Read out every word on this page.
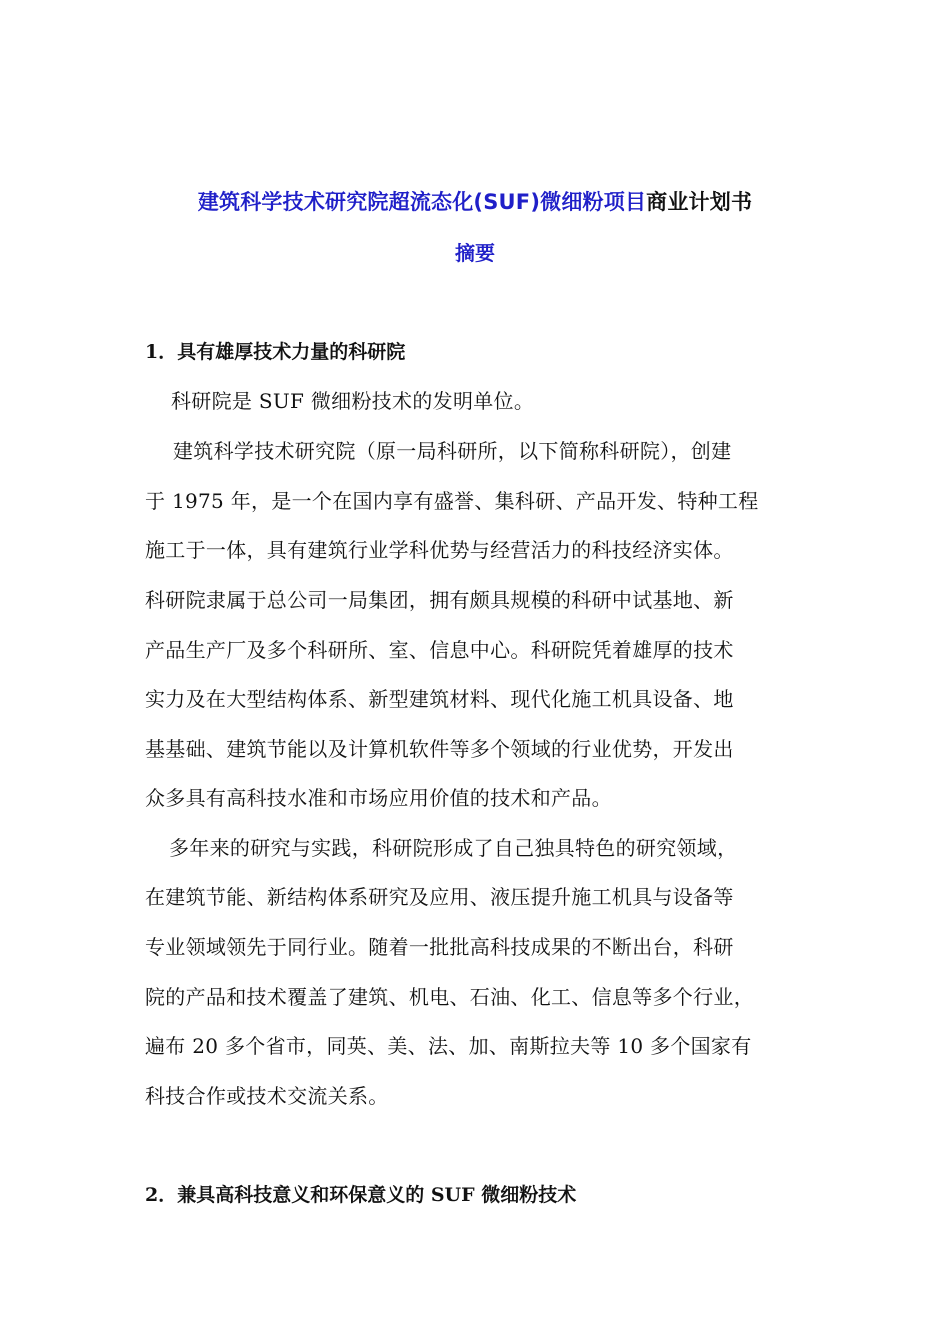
建筑科学技术研究院超流态化(SUF)微细粉项目商业计划书
摘要
1．具有雄厚技术力量的科研院
科研院是 SUF 微细粉技术的发明单位。
建筑科学技术研究院（原一局科研所，以下简称科研院），创建
于 1975 年，是一个在国内享有盛誉、集科研、产品开发、特种工程
施工于一体，具有建筑行业学科优势与经营活力的科技经济实体。
科研院隶属于总公司一局集团，拥有颇具规模的科研中试基地、新
产品生产厂及多个科研所、室、信息中心。科研院凭着雄厚的技术
实力及在大型结构体系、新型建筑材料、现代化施工机具设备、地
基基础、建筑节能以及计算机软件等多个领域的行业优势，开发出
众多具有高科技水准和市场应用价值的技术和产品。
多年来的研究与实践，科研院形成了自己独具特色的研究领域，
在建筑节能、新结构体系研究及应用、液压提升施工机具与设备等
专业领域领先于同行业。随着一批批高科技成果的不断出台，科研
院的产品和技术覆盖了建筑、机电、石油、化工、信息等多个行业，
遍布 20 多个省市，同英、美、法、加、南斯拉夫等 10 多个国家有
科技合作或技术交流关系。
2．兼具高科技意义和环保意义的 SUF 微细粉技术
